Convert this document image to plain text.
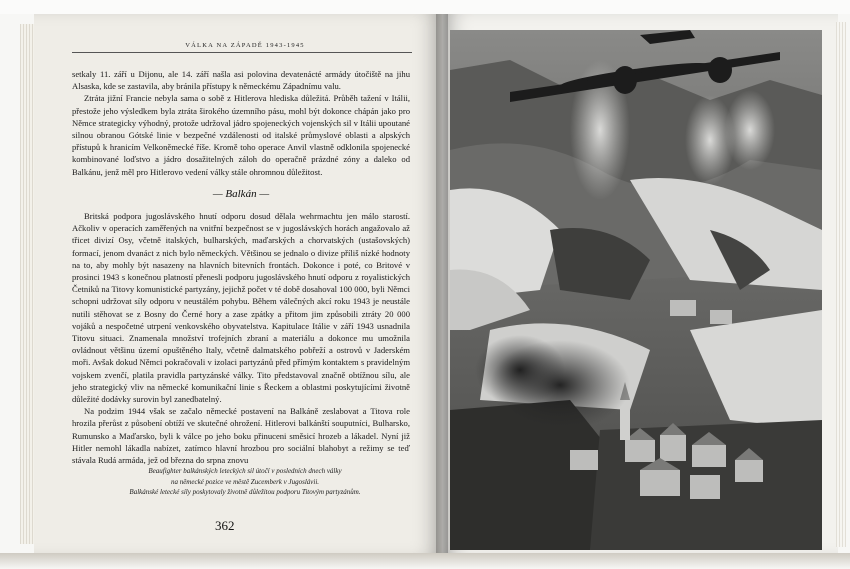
VÁLKA NA ZÁPADĚ 1943-1945

setkaly 11. září u Dijonu, ale 14. září našla asi polovina devatenácté armády útočiště na jihu Alsaska, kde se zastavila, aby bránila přístupy k německému Západnímu valu.

Ztráta jižní Francie nebyla sama o sobě z Hitlerova hlediska důležitá. Průběh tažení v Itálii, přestože jeho výsledkem byla ztráta širokého územního pásu, mohl být dokonce chápán jako pro Němce strategicky výhodný, protože udržoval jádro spojeneckých vojenských sil v Itálii upoutané silnou obranou Gótské linie v bezpečné vzdálenosti od italské průmyslové oblasti a alpských přístupů k hranicím Velkoněmecké říše. Kromě toho operace Anvil vlastně odklonila spojenecké kombinované loďstvo a jádro dosažitelných záloh do operačně prázdné zóny a daleko od Balkánu, jenž měl pro Hitlerovo vedení války stále ohromnou důležitost.

— Balkán —

Britská podpora jugoslávského hnutí odporu dosud dělala wehrmachtu jen málo starostí. Ačkoliv v operacích zaměřených na vnitřní bezpečnost se v jugoslávských horách angažovalo až třicet divizí Osy, včetně italských, bulharských, maďarských a chorvatských (ustašovských) formací, jenom dvanáct z nich bylo německých. Většinou se jednalo o divize příliš nízké hodnoty na to, aby mohly být nasazeny na hlavních bitevních frontách. Dokonce i poté, co Britové v prosinci 1943 s konečnou platností přenesli podporu jugoslávského hnutí odporu z royalistických Četniků na Titovy komunistické partyzány, jejichž počet v té době dosahoval 100 000, byli Němci schopni udržovat síly odporu v neustálém pohybu. Během válečných akcí roku 1943 je neustále nutili stěhovat se z Bosny do Černé hory a zase zpátky a přitom jim způsobili ztráty 20 000 vojáků a nespočetné utrpení venkovského obyvatelstva. Kapitulace Itálie v září 1943 usnadnila Titovu situaci. Znamenala množství trofejních zbraní a materiálu a dokonce mu umožnila ovládnout většinu území opuštěného Italy, včetně dalmatského pobřeží a ostrovů v Jaderském moři. Avšak dokud Němci pokračovali v izolaci partyzánů před přímým kontaktem s pravidelným vojskem zvenčí, platila pravidla partyzánské války. Tito představoval značně obtížnou sílu, ale jeho strategický vliv na německé komunikační linie s Řeckem a oblastmi poskytujícími životně důležité dodávky surovin byl zanedbatelný.

Na podzim 1944 však se začalo německé postavení na Balkáně zeslabovat a Titova role hrozila přerůst z působení obtíží ve skutečné ohrožení. Hitlerovi balkánští souputníci, Bulharsko, Rumunsko a Maďarsko, byli k válce po jeho boku přinuceni směsicí hrozeb a lákadel. Nyní již Hitler nemohl lákadla nabízet, zatímco hlavní hrozbou pro sociální blahobyt a režimy se teď stávala Rudá armáda, jež od března do srpna znovu

Beaufighter balkánských leteckých sil útočí v posledních dnech války
na německé pozice ve městě Zucemberk v Jugoslávii.
Balkánské letecké síly poskytovaly životně důležitou podporu Titovým partyzánům.
362
